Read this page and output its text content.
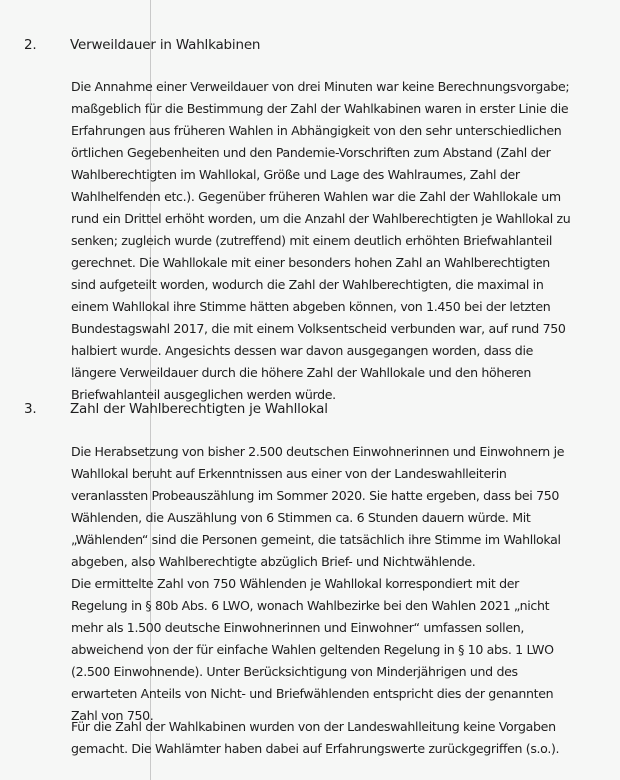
2. Verweildauer in Wahlkabinen
Die Annahme einer Verweildauer von drei Minuten war keine Berechnungsvorgabe;
maßgeblich für die Bestimmung der Zahl der Wahlkabinen waren in erster Linie die
Erfahrungen aus früheren Wahlen in Abhängigkeit von den sehr unterschiedlichen
örtlichen Gegebenheiten und den Pandemie-Vorschriften zum Abstand (Zahl der
Wahlberechtigten im Wahllokal, Größe und Lage des Wahlraumes, Zahl der
Wahlhelfenden etc.). Gegenüber früheren Wahlen war die Zahl der Wahllokale um
rund ein Drittel erhöht worden, um die Anzahl der Wahlberechtigten je Wahllokal zu
senken; zugleich wurde (zutreffend) mit einem deutlich erhöhten Briefwahlanteil
gerechnet. Die Wahllokale mit einer besonders hohen Zahl an Wahlberechtigten
sind aufgeteilt worden, wodurch die Zahl der Wahlberechtigten, die maximal in
einem Wahllokal ihre Stimme hätten abgeben können, von 1.450 bei der letzten
Bundestagswahl 2017, die mit einem Volksentscheid verbunden war, auf rund 750
halbiert wurde. Angesichts dessen war davon ausgegangen worden, dass die
längere Verweildauer durch die höhere Zahl der Wahllokale und den höheren
Briefwahlanteil ausgeglichen werden würde.
3. Zahl der Wahlberechtigten je Wahllokal
Die Herabsetzung von bisher 2.500 deutschen Einwohnerinnen und Einwohnern je
Wahllokal beruht auf Erkenntnissen aus einer von der Landeswahlleiterin
veranlassten Probeauszählung im Sommer 2020. Sie hatte ergeben, dass bei 750
Wählenden, die Auszählung von 6 Stimmen ca. 6 Stunden dauern würde. Mit
„Wählenden“ sind die Personen gemeint, die tatsächlich ihre Stimme im Wahllokal
abgeben, also Wahlberechtigte abzüglich Brief- und Nichtwählende.
Die ermittelte Zahl von 750 Wählenden je Wahllokal korrespondiert mit der
Regelung in § 80b Abs. 6 LWO, wonach Wahlbezirke bei den Wahlen 2021 „nicht
mehr als 1.500 deutsche Einwohnerinnen und Einwohner“ umfassen sollen,
abweichend von der für einfache Wahlen geltenden Regelung in § 10 abs. 1 LWO
(2.500 Einwohnende). Unter Berücksichtigung von Minderjährigen und des
erwarteten Anteils von Nicht- und Briefwählenden entspricht dies der genannten
Zahl von 750.
Für die Zahl der Wahlkabinen wurden von der Landeswahlleitung keine Vorgaben
gemacht. Die Wahlämter haben dabei auf Erfahrungswerte zurückgegriffen (s.o.).
